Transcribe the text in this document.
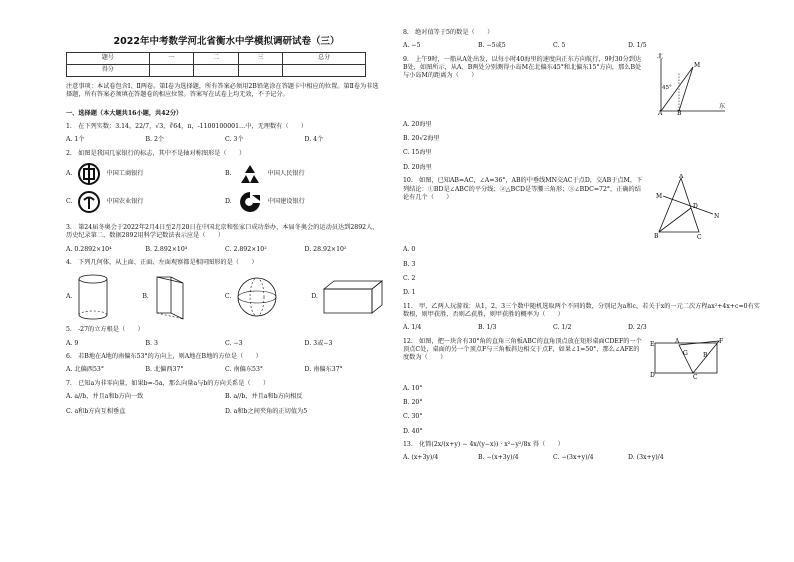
2022年中考数学河北省衡水中学模拟调研试卷（三）
题号	一	二	三	总分
得分				
注意事项：本试卷包含Ⅰ、Ⅱ两卷。第Ⅰ卷为选择题，所有答案必须用2B铅笔涂在答题卡中相应的位置。第Ⅱ卷为非选择题，所有答案必须填在答题卷的相应位置。答案写在试卷上均无效，不予记分。
一、选择题（本大题共16小题，共42分）
1.　在下列实数：3.14，22/7，√3，∛64，π，-1100100001…中，无理数有（　　）
A. 1个	B. 2个	C. 3个	D. 4个
2.　如图是我国几家银行的标志，其中不是轴对称图形是（　　）
A.	中国工商银行	B.	中国人民银行
C.	中国农业银行	D.	中国建设银行
3.　第24届冬奥会于2022年2月4日至2月20日在中国北京和张家口成功举办，本届冬奥会的运动员达到2892人，历史纪录第二，数据2892用科学记数法表示应是（　　）
A. 0.2892×10⁴	B. 2.892×10³	C. 2.892×10²	D. 28.92×10²
4.　下列几何体，从上面、正面、左面观察都是相同图形的是（　　）
A.	B.	C.	D.
5.　-27的立方根是（　　）
A. 9	B. 3	C. −3	D. 3或−3
6.　若B地在A地的南偏东53°的方向上，则A地在B地的方位是（　　）
A. 北偏西53°	B. 北偏西37°	C. 南偏东53°	D. 南偏东37°
7.　已知a为非零向量，如果b=-5a，那么向量a与b的方向关系是（　　）
A. a//b，并且a和b方向一致	B. a//b，并且a和b方向相反
C. a和b方向互相垂直	D. a和b之间夹角的正切值为5
8.　绝对值等于5的数是（　　）
A. −5	B. −5或5	C. 5	D. 1/5
9.　上午9时，一船从A处出发，以每小时40海里的速度向正东方向航行，9时30分到达B处，如图所示，从A、B两处分别测得小岛M在北偏东45°和北偏东15°方向，那么B处与小岛M的距离为（　　）
北
东
45°
A B
M
A. 20海里
B. 20√2海里
C. 15海里
D. 20海里
10.　如图，已知AB=AC，∠A=36°，AB的中垂线MN交AC于点D，交AB于点M，下列结论：①BD是∠ABC的平分线；②△BCD是等腰三角形；③∠BDC=72°，正确的结论有几个（　　）
A
B	C
D
M
N
A. 0
B. 3
C. 2
D. 1
11.　甲、乙两人玩游戏：从1，2，3三个数中随机选取两个不同的数，分别记为a和c，若关于x的一元二次方程ax²+4x+c=0有实数根，则甲获胜，否则乙获胜，则甲获胜的概率为（　　）
A. 1/4	B. 1/3	C. 1/2	D. 2/3
12.　如图，把一块含有30°角的直角三角板ABC的直角顶点放在矩形桌面CDEF的一个顶点C处，桌面的另一个顶点F与三角板斜边相交于点F，如果∠1=50°，那么∠AFE的度数为（　　）
E	F
A
B
C
D
G
A. 10°
B. 20°
C. 30°
D. 40°
13.　化简(2x/(x+y) − 4x/(y−x)) · x²−y²/8x 得（　　）
A. (x+3y)/4	B. −(x+3y)/4	C. −(3x+y)/4	D. (3x+y)/4
